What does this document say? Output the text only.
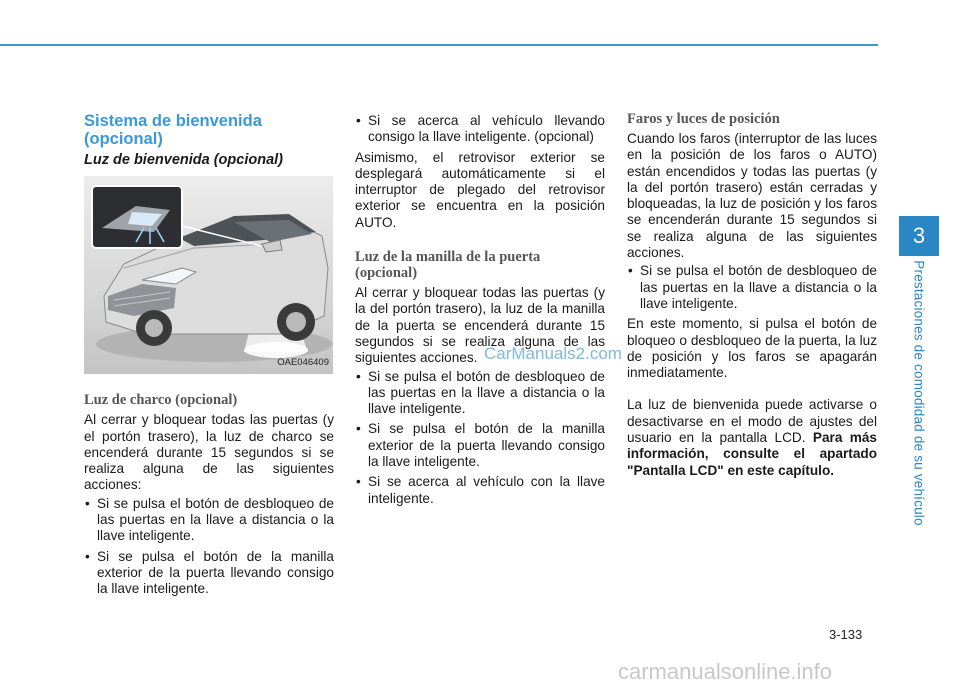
3
Prestaciones de comodidad de su vehículo
Sistema de bienvenida (opcional)
Luz de bienvenida (opcional)
OAE046409
Luz de charco (opcional)

Al cerrar y bloquear todas las puertas (y el portón trasero), la luz de charco se encenderá durante 15 segundos si se realiza alguna de las siguientes acciones:

• Si se pulsa el botón de desbloqueo de las puertas en la llave a distancia o la llave inteligente.
• Si se pulsa el botón de la manilla exterior de la puerta llevando consigo la llave inteligente.
• Si se acerca al vehículo llevando consigo la llave inteligente. (opcional)

Asimismo, el retrovisor exterior se desplegará automáticamente si el interruptor de plegado del retrovisor exterior se encuentra en la posición AUTO.

Luz de la manilla de la puerta (opcional)

Al cerrar y bloquear todas las puertas (y la del portón trasero), la luz de la manilla de la puerta se encenderá durante 15 segundos si se realiza alguna de las siguientes acciones.

• Si se pulsa el botón de desbloqueo de las puertas en la llave a distancia o la llave inteligente.
• Si se pulsa el botón de la manilla exterior de la puerta llevando consigo la llave inteligente.
• Si se acerca al vehículo con la llave inteligente.
Faros y luces de posición

Cuando los faros (interruptor de las luces en la posición de los faros o AUTO) están encendidos y todas las puertas (y la del portón trasero) están cerradas y bloqueadas, la luz de posición y los faros se encenderán durante 15 segundos si se realiza alguna de las siguientes acciones.

• Si se pulsa el botón de desbloqueo de las puertas en la llave a distancia o la llave inteligente.

En este momento, si pulsa el botón de bloqueo o desbloqueo de la puerta, la luz de posición y los faros se apagarán inmediatamente.

La luz de bienvenida puede activarse o desactivarse en el modo de ajustes del usuario en la pantalla LCD. Para más información, consulte el apartado "Pantalla LCD" en este capítulo.

CarManuals2.com
3-133
carmanualsonline.info
